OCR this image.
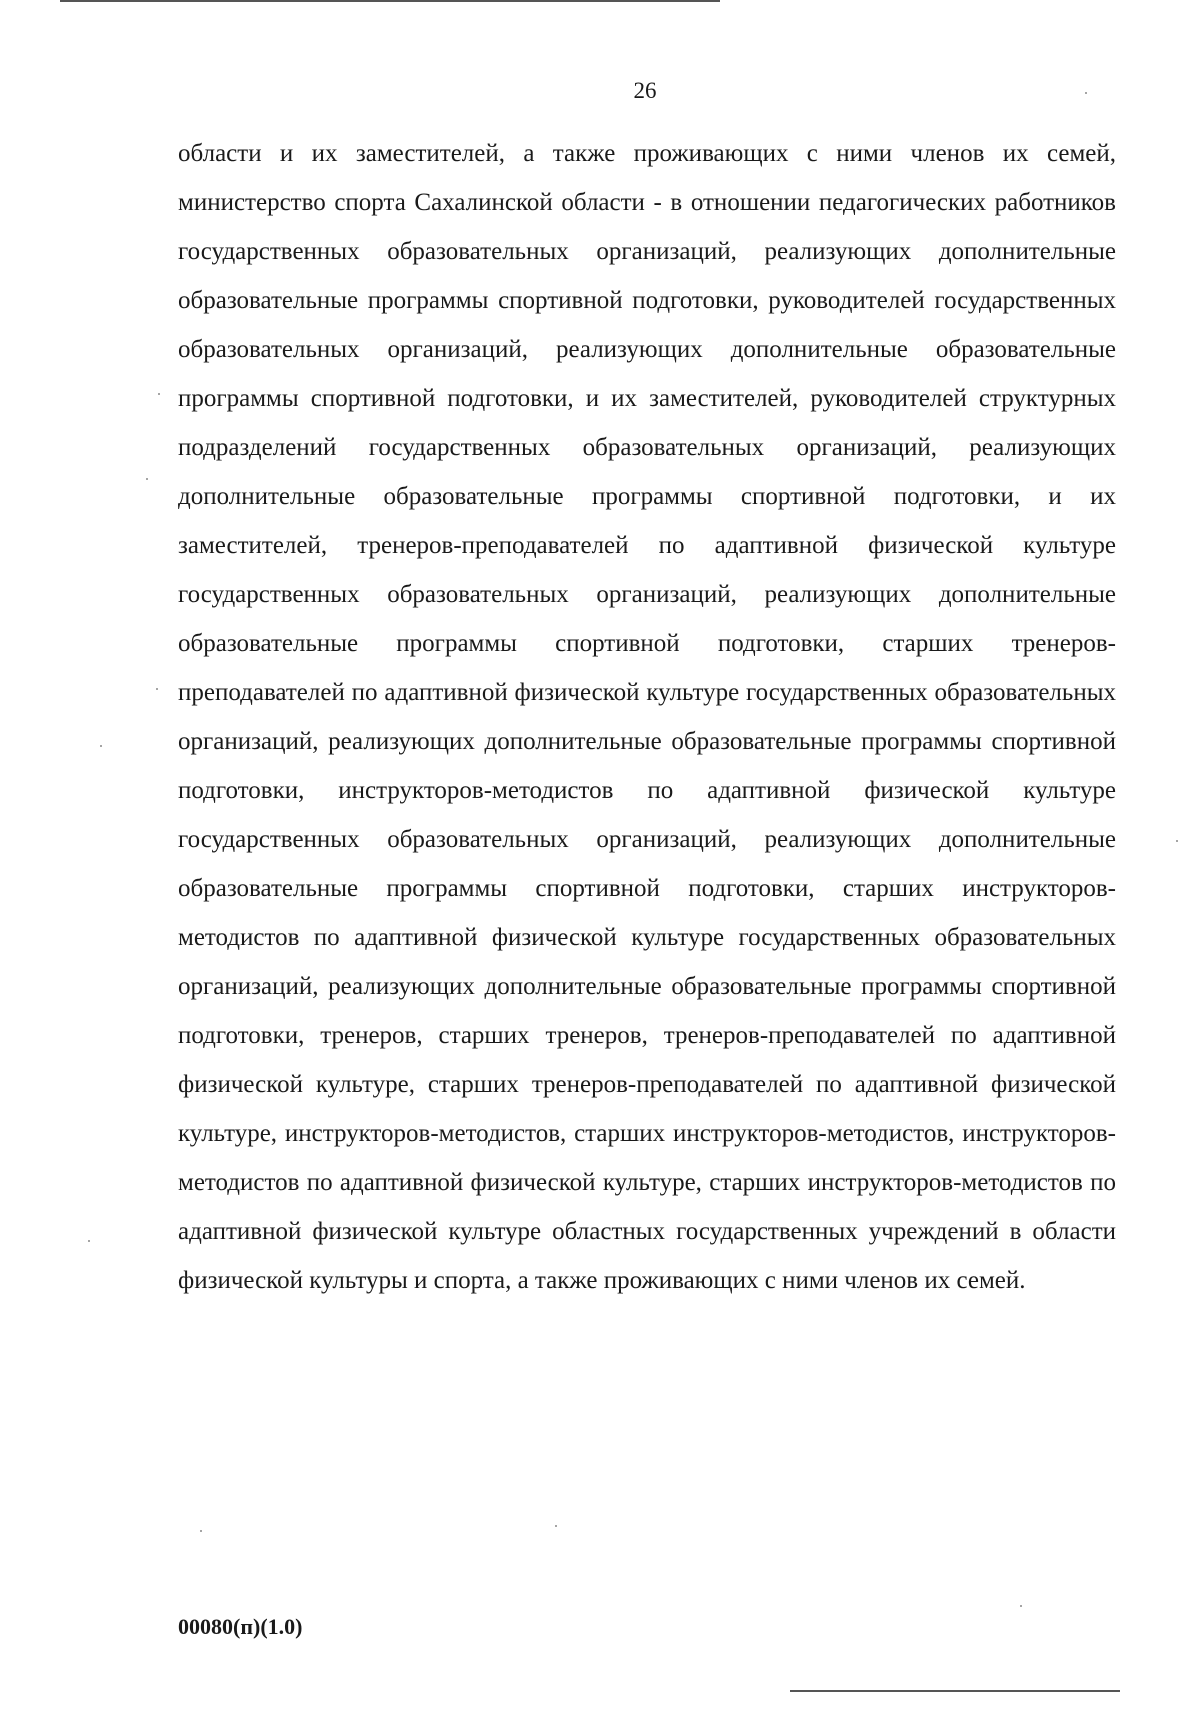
26

области и их заместителей, а также проживающих с ними членов их семей, министерство спорта Сахалинской области - в отношении педагогических работников государственных образовательных организаций, реализующих дополнительные образовательные программы спортивной подготовки, руководителей государственных образовательных организаций, реализующих дополнительные образовательные программы спортивной подготовки, и их заместителей, руководителей структурных подразделений государственных образовательных организаций, реализующих дополнительные образовательные программы спортивной подготовки, и их заместителей, тренеров-преподавателей по адаптивной физической культуре государственных образовательных организаций, реализующих дополнительные образовательные программы спортивной подготовки, старших тренеров-преподавателей по адаптивной физической культуре государственных образовательных организаций, реализующих дополнительные образовательные программы спортивной подготовки, инструкторов-методистов по адаптивной физической культуре государственных образовательных организаций, реализующих дополнительные образовательные программы спортивной подготовки, старших инструкторов-методистов по адаптивной физической культуре государственных образовательных организаций, реализующих дополнительные образовательные программы спортивной подготовки, тренеров, старших тренеров, тренеров-преподавателей по адаптивной физической культуре, старших тренеров-преподавателей по адаптивной физической культуре, инструкторов-методистов, старших инструкторов-методистов, инструкторов-методистов по адаптивной физической культуре, старших инструкторов-методистов по адаптивной физической культуре областных государственных учреждений в области физической культуры и спорта, а также проживающих с ними членов их семей.

00080(п)(1.0)
